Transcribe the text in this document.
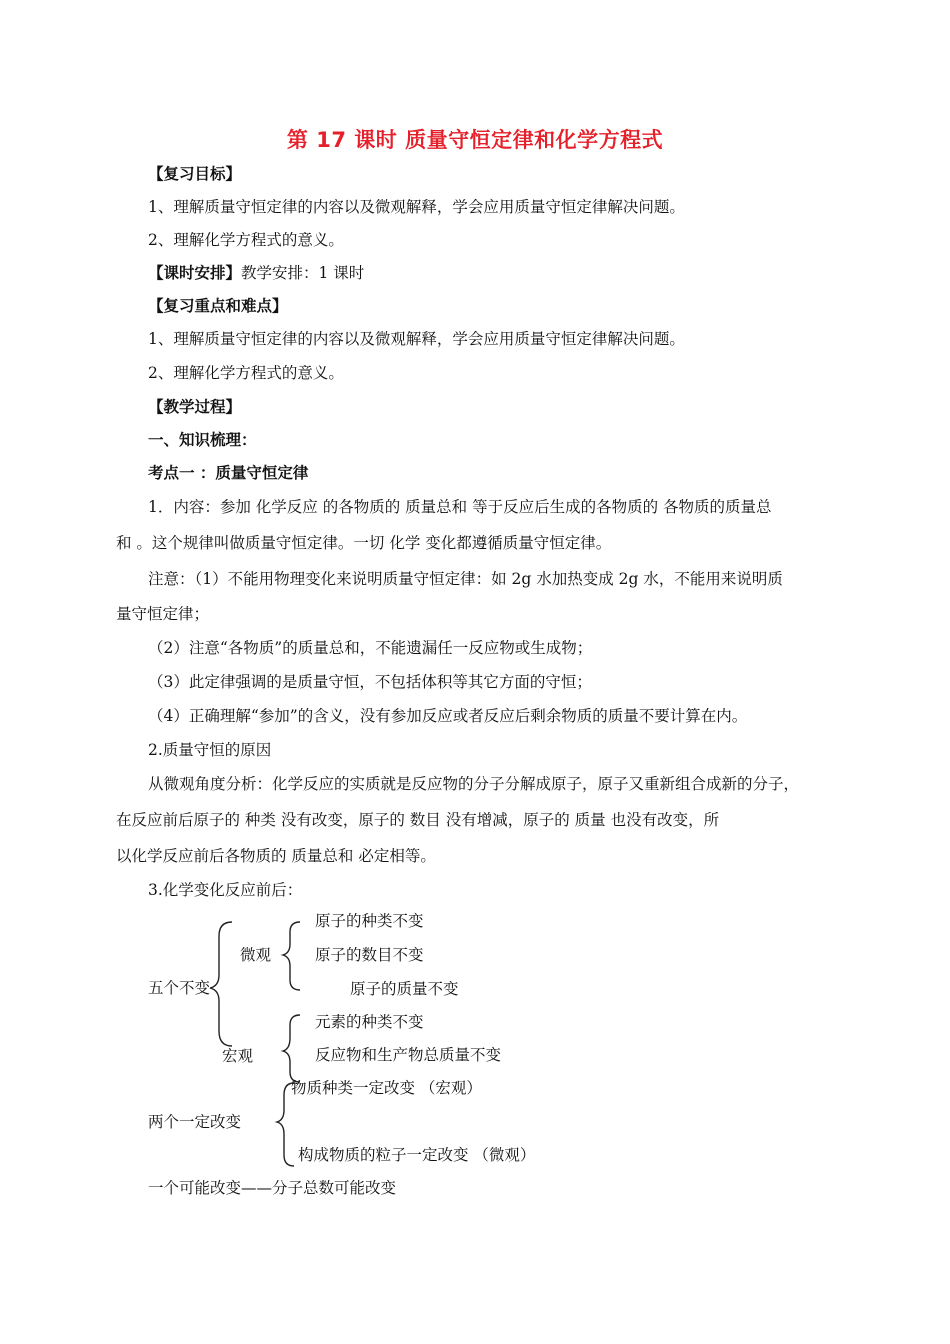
第 17 课时 质量守恒定律和化学方程式
【复习目标】
1、理解质量守恒定律的内容以及微观解释，学会应用质量守恒定律解决问题。
2、理解化学方程式的意义。
【课时安排】教学安排：1 课时
【复习重点和难点】
1、理解质量守恒定律的内容以及微观解释，学会应用质量守恒定律解决问题。
2、理解化学方程式的意义。
【教学过程】
一、知识梳理：
考点一 ：质量守恒定律
1．内容：参加 化学反应 的各物质的 质量总和 等于反应后生成的各物质的 各物质的质量总
和 。这个规律叫做质量守恒定律。一切 化学 变化都遵循质量守恒定律。
注意：（1）不能用物理变化来说明质量守恒定律：如 2g 水加热变成 2g 水，不能用来说明质
量守恒定律；
（2）注意“各物质”的质量总和，不能遗漏任一反应物或生成物；
（3）此定律强调的是质量守恒，不包括体积等其它方面的守恒；
（4）正确理解“参加”的含义，没有参加反应或者反应后剩余物质的质量不要计算在内。
2.质量守恒的原因
从微观角度分析：化学反应的实质就是反应物的分子分解成原子，原子又重新组合成新的分子，
在反应前后原子的 种类 没有改变，原子的 数目 没有增减，原子的 质量 也没有改变，所
以化学反应前后各物质的 质量总和 必定相等。
3.化学变化反应前后：
五个不变
微观
原子的种类不变
原子的数目不变
原子的质量不变
宏观
元素的种类不变
反应物和生产物总质量不变
两个一定改变
物质种类一定改变 （宏观）
构成物质的粒子一定改变 （微观）
一个可能改变——分子总数可能改变
